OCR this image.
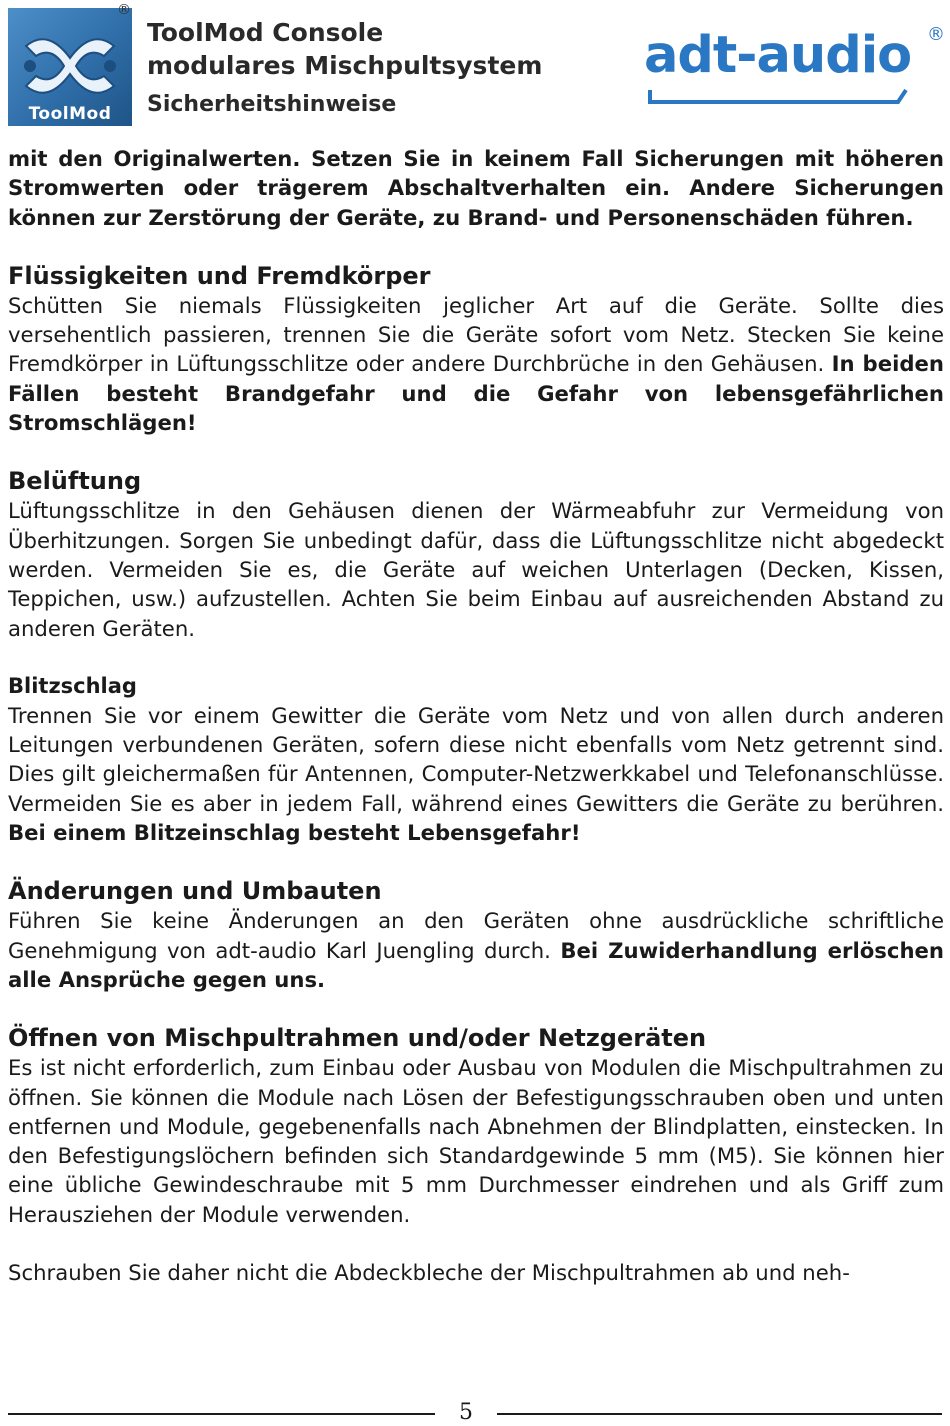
ToolMod
®
ToolMod Console
modulares Mischpultsystem
Sicherheitshinweise
adt-audio ®

mit den Originalwerten. Setzen Sie in keinem Fall Sicherungen mit höheren Stromwerten oder trägerem Abschaltverhalten ein. Andere Sicherungen können zur Zerstörung der Geräte, zu Brand- und Personenschäden führen.

Flüssigkeiten und Fremdkörper

Schütten Sie niemals Flüssigkeiten jeglicher Art auf die Geräte. Sollte dies versehentlich passieren, trennen Sie die Geräte sofort vom Netz. Stecken Sie keine Fremdkörper in Lüftungsschlitze oder andere Durchbrüche in den Gehäusen. In beiden Fällen besteht Brandgefahr und die Gefahr von lebensgefährlichen Stromschlägen!

Belüftung

Lüftungsschlitze in den Gehäusen dienen der Wärmeabfuhr zur Vermeidung von Überhitzungen. Sorgen Sie unbedingt dafür, dass die Lüftungsschlitze nicht abgedeckt werden. Vermeiden Sie es, die Geräte auf weichen Unterlagen (Decken, Kissen, Teppichen, usw.) aufzustellen. Achten Sie beim Einbau auf ausreichenden Abstand zu anderen Geräten.

Blitzschlag

Trennen Sie vor einem Gewitter die Geräte vom Netz und von allen durch anderen Leitungen verbundenen Geräten, sofern diese nicht ebenfalls vom Netz getrennt sind. Dies gilt gleichermaßen für Antennen, Computer-Netzwerkkabel und Telefonanschlüsse. Vermeiden Sie es aber in jedem Fall, während eines Gewitters die Geräte zu berühren. Bei einem Blitzeinschlag besteht Lebensgefahr!

Änderungen und Umbauten

Führen Sie keine Änderungen an den Geräten ohne ausdrückliche schriftliche Genehmigung von adt-audio Karl Juengling durch. Bei Zuwiderhandlung erlöschen alle Ansprüche gegen uns.

Öffnen von Mischpultrahmen und/oder Netzgeräten

Es ist nicht erforderlich, zum Einbau oder Ausbau von Modulen die Mischpultrahmen zu öffnen. Sie können die Module nach Lösen der Befestigungsschrauben oben und unten entfernen und Module, gegebenenfalls nach Abnehmen der Blindplatten, einstecken. In den Befestigungslöchern befinden sich Standardgewinde 5 mm (M5). Sie können hier eine übliche Gewindeschraube mit 5 mm Durchmesser eindrehen und als Griff zum Herausziehen der Module verwenden.

Schrauben Sie daher nicht die Abdeckbleche der Mischpultrahmen ab und neh-

5
